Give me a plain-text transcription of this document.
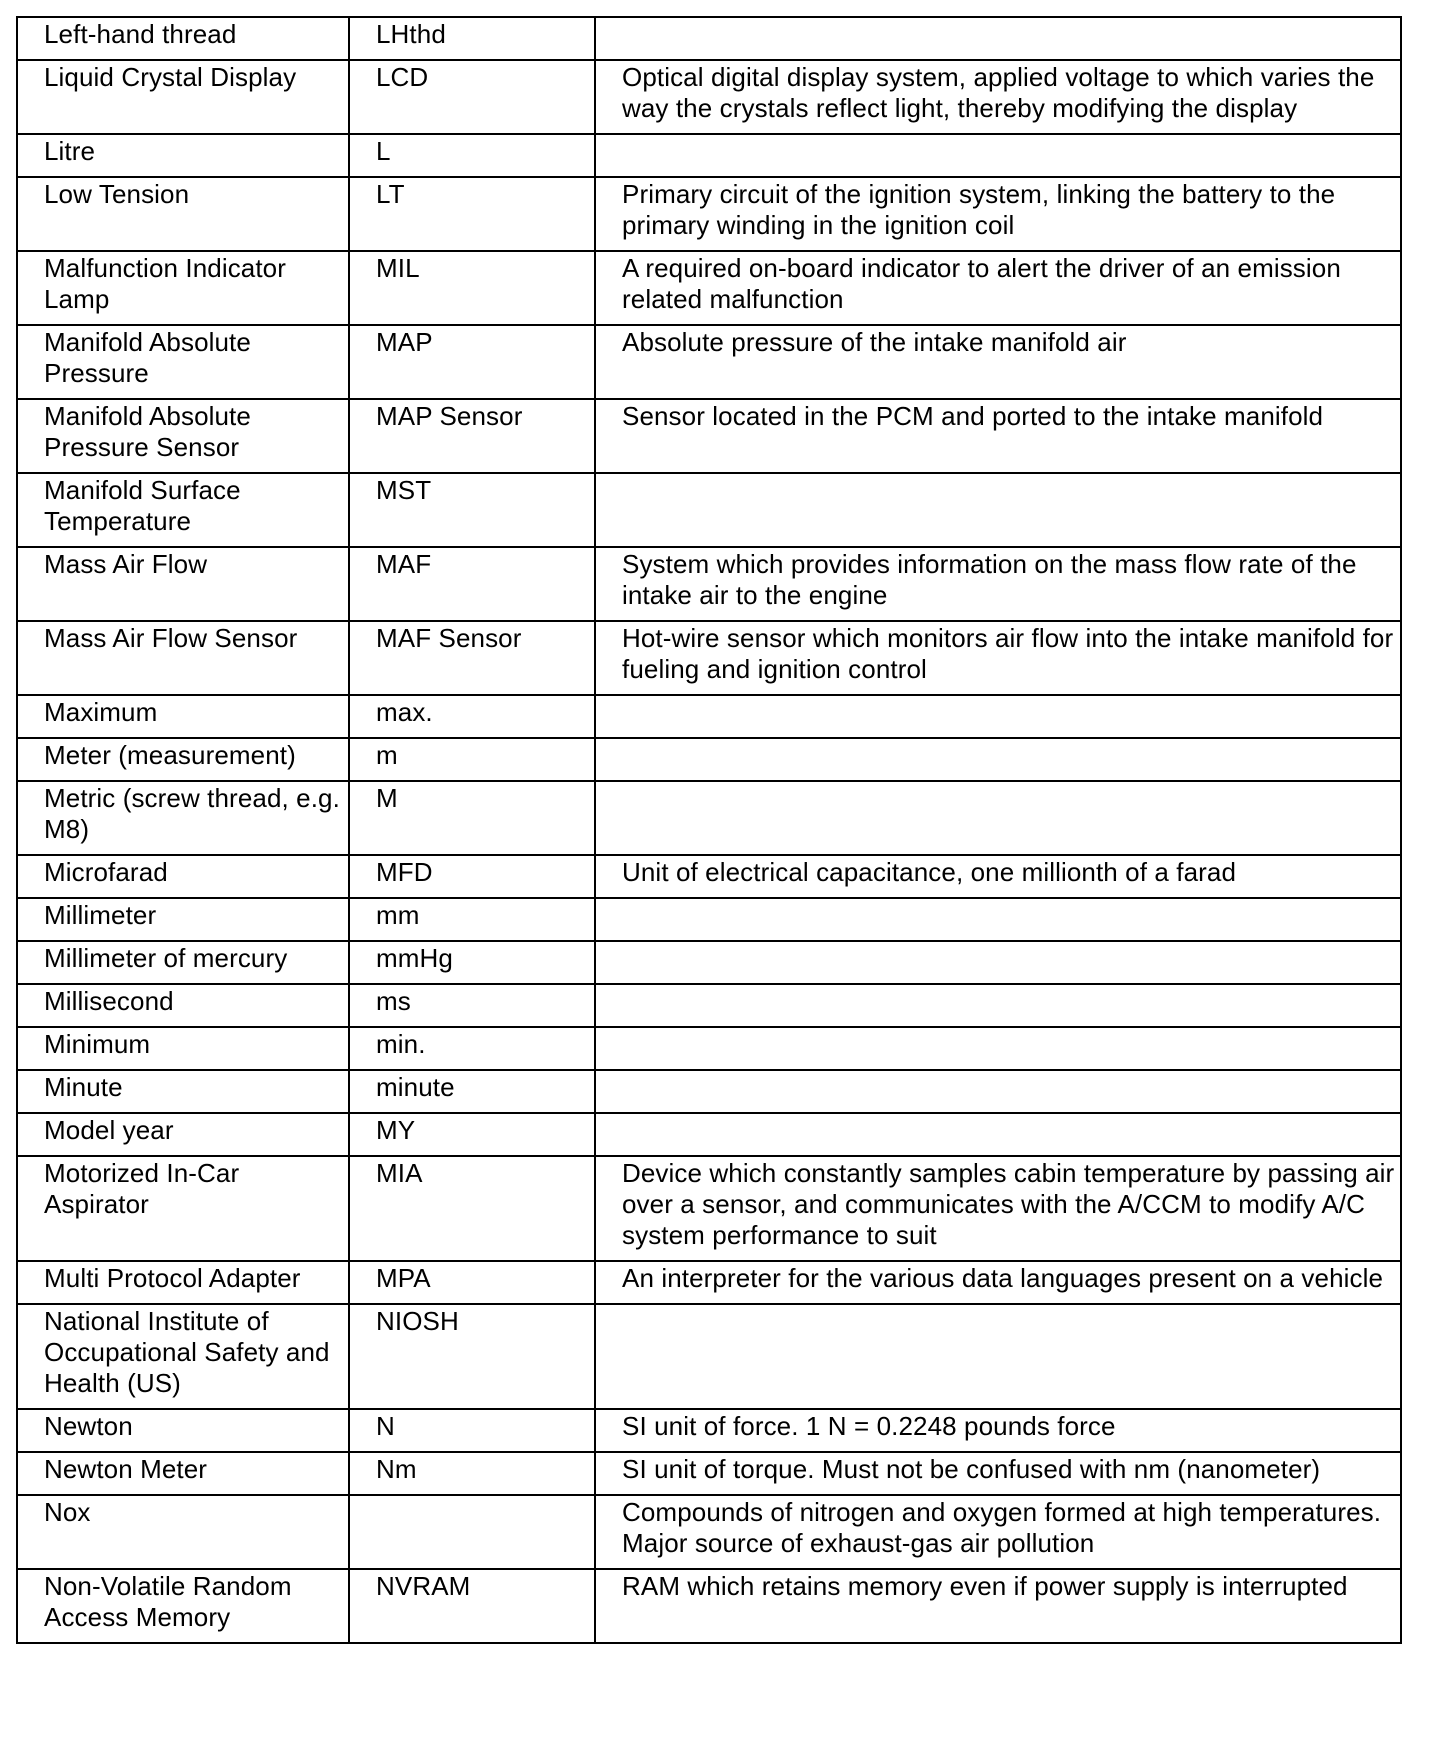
Left-hand thread	LHthd	
Liquid Crystal Display	LCD	Optical digital display system, applied voltage to which varies the way the crystals reflect light, thereby modifying the display
Litre	L	
Low Tension	LT	Primary circuit of the ignition system, linking the battery to the primary winding in the ignition coil
Malfunction Indicator Lamp	MIL	A required on-board indicator to alert the driver of an emission related malfunction
Manifold Absolute Pressure	MAP	Absolute pressure of the intake manifold air
Manifold Absolute Pressure Sensor	MAP Sensor	Sensor located in the PCM and ported to the intake manifold
Manifold Surface Temperature	MST	
Mass Air Flow	MAF	System which provides information on the mass flow rate of the intake air to the engine
Mass Air Flow Sensor	MAF Sensor	Hot-wire sensor which monitors air flow into the intake manifold for fueling and ignition control
Maximum	max.	
Meter (measurement)	m	
Metric (screw thread, e.g. M8)	M	
Microfarad	MFD	Unit of electrical capacitance, one millionth of a farad
Millimeter	mm	
Millimeter of mercury	mmHg	
Millisecond	ms	
Minimum	min.	
Minute	minute	
Model year	MY	
Motorized In-Car Aspirator	MIA	Device which constantly samples cabin temperature by passing air over a sensor, and communicates with the A/CCM to modify A/C system performance to suit
Multi Protocol Adapter	MPA	An interpreter for the various data languages present on a vehicle
National Institute of Occupational Safety and Health (US)	NIOSH	
Newton	N	SI unit of force. 1 N = 0.2248 pounds force
Newton Meter	Nm	SI unit of torque. Must not be confused with nm (nanometer)
Nox		Compounds of nitrogen and oxygen formed at high temperatures. Major source of exhaust-gas air pollution
Non-Volatile Random Access Memory	NVRAM	RAM which retains memory even if power supply is interrupted
